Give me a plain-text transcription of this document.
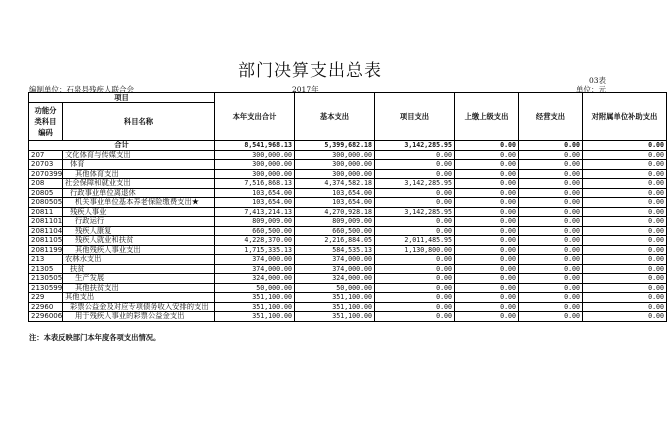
部门决算支出总表	03表
编制单位：石泉县残疾人联合会	2017年	单位：元
项目		本年支出合计	基本支出	项目支出	上缴上级支出	经营支出	对附属单位补助支出
功能分类科目编码	科目名称						
合计		8,541,968.13	5,399,682.18	3,142,285.95	0.00	0.00	0.00
207	文化体育与传媒支出	300,000.00	300,000.00	0.00	0.00	0.00	0.00
20703	体育	300,000.00	300,000.00	0.00	0.00	0.00	0.00
2070399	其他体育支出	300,000.00	300,000.00	0.00	0.00	0.00	0.00
208	社会保障和就业支出	7,516,868.13	4,374,582.18	3,142,285.95	0.00	0.00	0.00
20805	行政事业单位离退休	103,654.00	103,654.00	0.00	0.00	0.00	0.00
2080505	机关事业单位基本养老保险缴费支出★	103,654.00	103,654.00	0.00	0.00	0.00	0.00
20811	残疾人事业	7,413,214.13	4,270,928.18	3,142,285.95	0.00	0.00	0.00
2081101	行政运行	809,009.00	809,009.00	0.00	0.00	0.00	0.00
2081104	残疾人康复	660,500.00	660,500.00	0.00	0.00	0.00	0.00
2081105	残疾人就业和扶贫	4,228,370.00	2,216,884.05	2,011,485.95	0.00	0.00	0.00
2081199	其他残疾人事业支出	1,715,335.13	584,535.13	1,130,800.00	0.00	0.00	0.00
213	农林水支出	374,000.00	374,000.00	0.00	0.00	0.00	0.00
21305	扶贫	374,000.00	374,000.00	0.00	0.00	0.00	0.00
2130505	生产发展	324,000.00	324,000.00	0.00	0.00	0.00	0.00
2130599	其他扶贫支出	50,000.00	50,000.00	0.00	0.00	0.00	0.00
229	其他支出	351,100.00	351,100.00	0.00	0.00	0.00	0.00
22960	彩票公益金及对应专项债务收入安排的支出	351,100.00	351,100.00	0.00	0.00	0.00	0.00
2296006	用于残疾人事业的彩票公益金支出	351,100.00	351,100.00	0.00	0.00	0.00	0.00
注：本表反映部门本年度各项支出情况。
